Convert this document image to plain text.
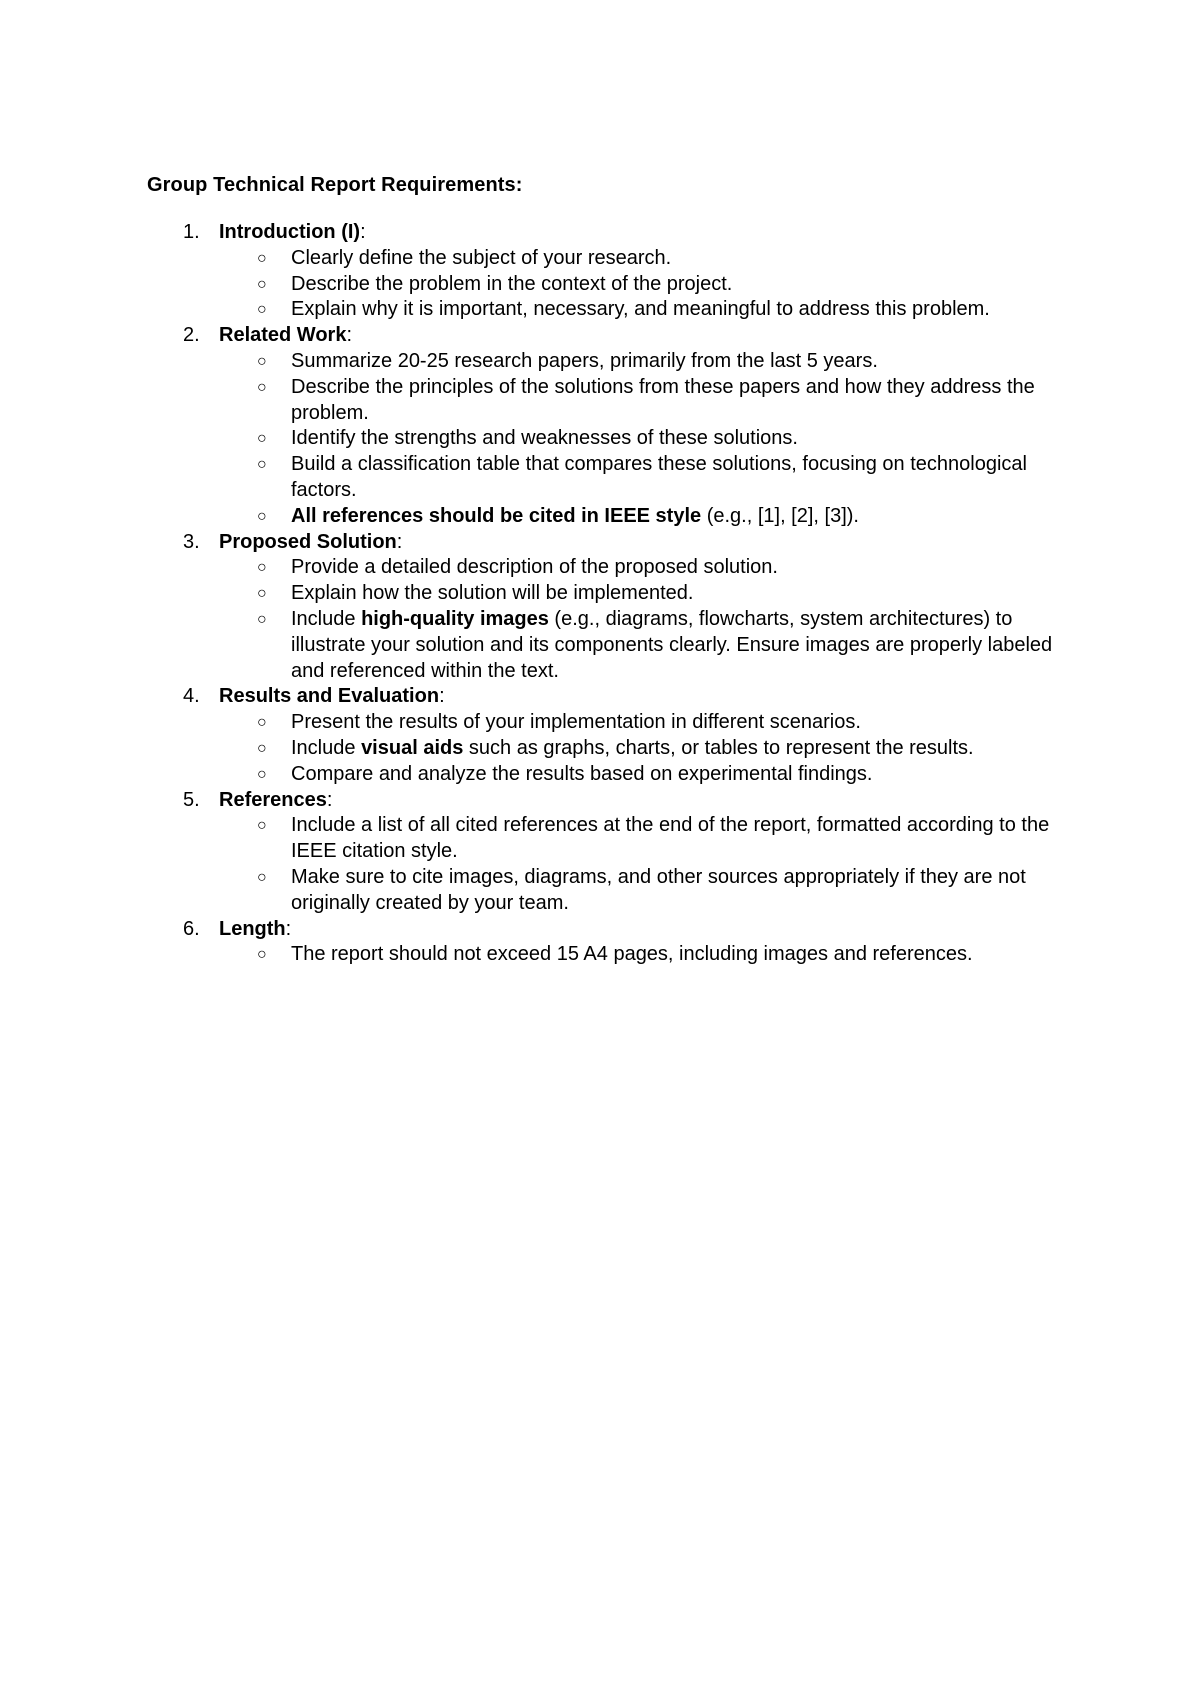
Group Technical Report Requirements:
1. Introduction (I):
○ Clearly define the subject of your research.
○ Describe the problem in the context of the project.
○ Explain why it is important, necessary, and meaningful to address this problem.
2. Related Work:
○ Summarize 20-25 research papers, primarily from the last 5 years.
○ Describe the principles of the solutions from these papers and how they address the problem.
○ Identify the strengths and weaknesses of these solutions.
○ Build a classification table that compares these solutions, focusing on technological factors.
○ All references should be cited in IEEE style (e.g., [1], [2], [3]).
3. Proposed Solution:
○ Provide a detailed description of the proposed solution.
○ Explain how the solution will be implemented.
○ Include high-quality images (e.g., diagrams, flowcharts, system architectures) to illustrate your solution and its components clearly. Ensure images are properly labeled and referenced within the text.
4. Results and Evaluation:
○ Present the results of your implementation in different scenarios.
○ Include visual aids such as graphs, charts, or tables to represent the results.
○ Compare and analyze the results based on experimental findings.
5. References:
○ Include a list of all cited references at the end of the report, formatted according to the IEEE citation style.
○ Make sure to cite images, diagrams, and other sources appropriately if they are not originally created by your team.
6. Length:
○ The report should not exceed 15 A4 pages, including images and references.
